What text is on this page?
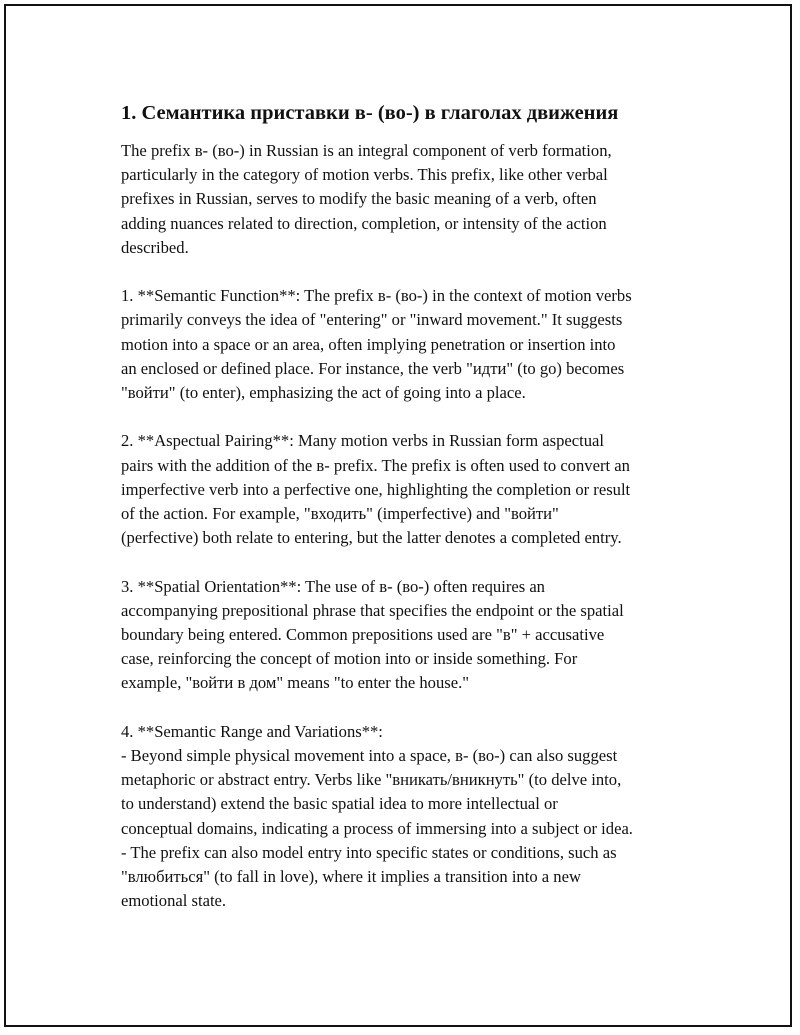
1. Семантика приставки в- (во-) в глаголах движения

The prefix в- (во-) in Russian is an integral component of verb formation,
particularly in the category of motion verbs. This prefix, like other verbal
prefixes in Russian, serves to modify the basic meaning of a verb, often
adding nuances related to direction, completion, or intensity of the action
described.

1. **Semantic Function**: The prefix в- (во-) in the context of motion verbs
primarily conveys the idea of "entering" or "inward movement." It suggests
motion into a space or an area, often implying penetration or insertion into
an enclosed or defined place. For instance, the verb "идти" (to go) becomes
"войти" (to enter), emphasizing the act of going into a place.

2. **Aspectual Pairing**: Many motion verbs in Russian form aspectual
pairs with the addition of the в- prefix. The prefix is often used to convert an
imperfective verb into a perfective one, highlighting the completion or result
of the action. For example, "входить" (imperfective) and "войти"
(perfective) both relate to entering, but the latter denotes a completed entry.

3. **Spatial Orientation**: The use of в- (во-) often requires an
accompanying prepositional phrase that specifies the endpoint or the spatial
boundary being entered. Common prepositions used are "в" + accusative
case, reinforcing the concept of motion into or inside something. For
example, "войти в дом" means "to enter the house."

4. **Semantic Range and Variations**:
- Beyond simple physical movement into a space, в- (во-) can also suggest
metaphoric or abstract entry. Verbs like "вникать/вникнуть" (to delve into,
to understand) extend the basic spatial idea to more intellectual or
conceptual domains, indicating a process of immersing into a subject or idea.
- The prefix can also model entry into specific states or conditions, such as
"влюбиться" (to fall in love), where it implies a transition into a new
emotional state.
